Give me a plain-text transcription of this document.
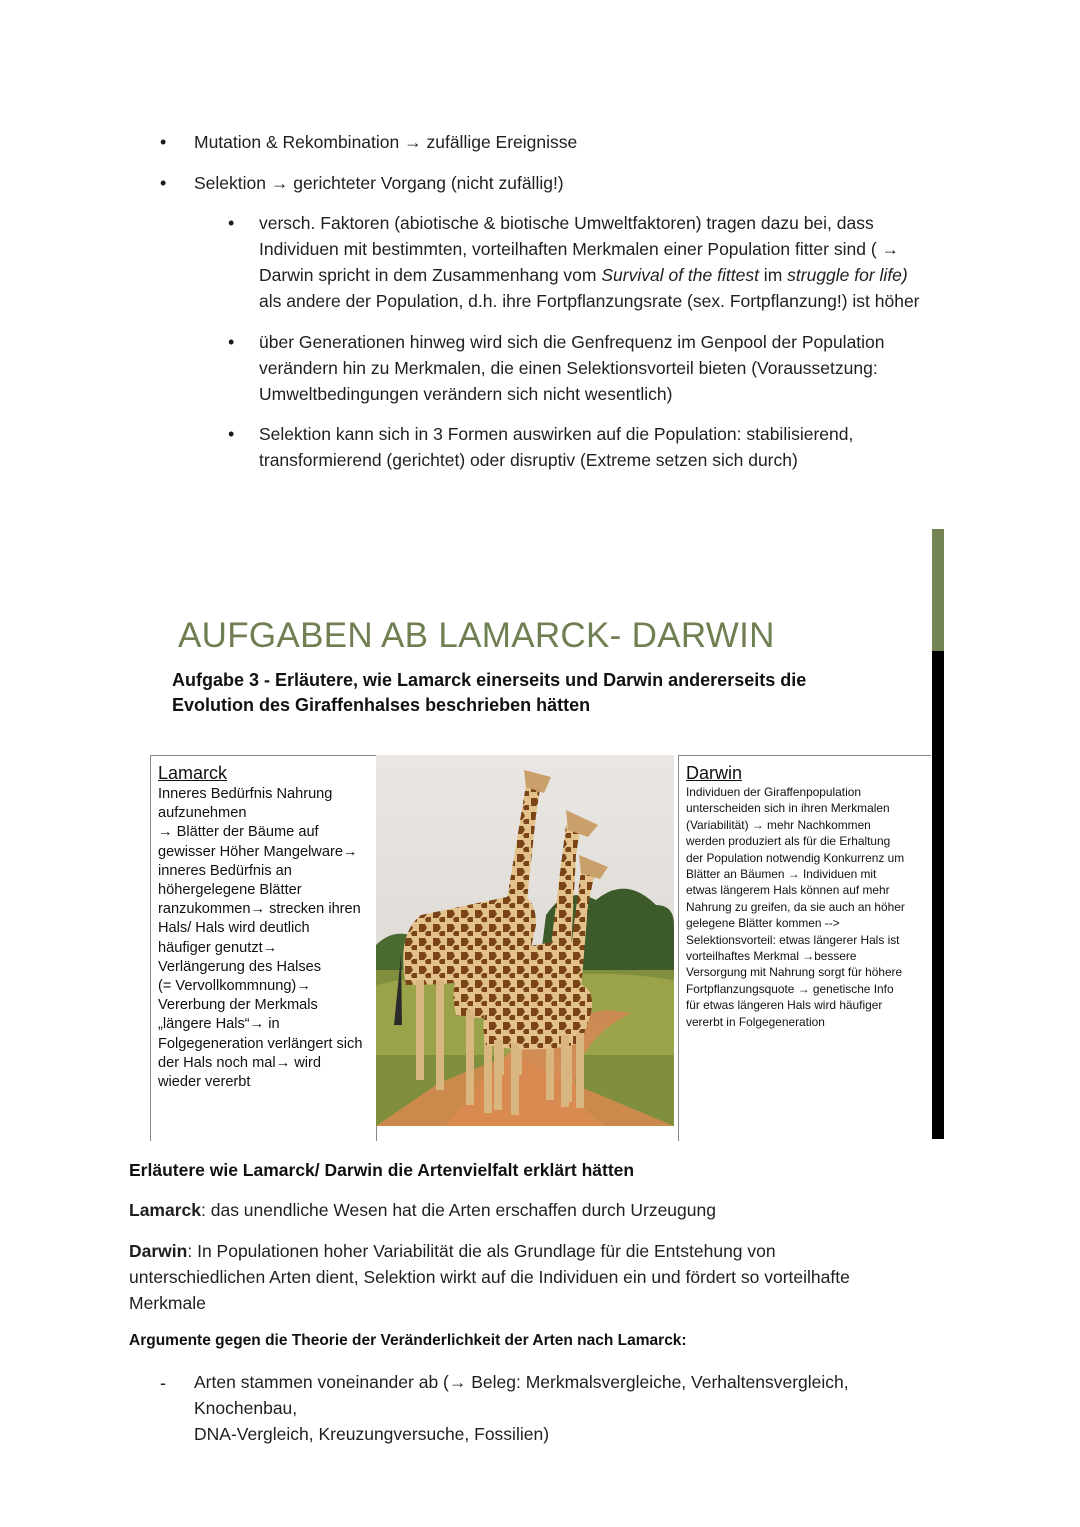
• Mutation & Rekombination → zufällige Ereignisse
• Selektion → gerichteter Vorgang (nicht zufällig!)
• versch. Faktoren (abiotische & biotische Umweltfaktoren) tragen dazu bei, dass
Individuen mit bestimmten, vorteilhaften Merkmalen einer Population fitter sind ( →
Darwin spricht in dem Zusammenhang vom Survival of the fittest im struggle for life)
als andere der Population, d.h. ihre Fortpflanzungsrate (sex. Fortpflanzung!) ist höher
• über Generationen hinweg wird sich die Genfrequenz im Genpool der Population
verändern hin zu Merkmalen, die einen Selektionsvorteil bieten (Voraussetzung:
Umweltbedingungen verändern sich nicht wesentlich)
• Selektion kann sich in 3 Formen auswirken auf die Population: stabilisierend,
transformierend (gerichtet) oder disruptiv (Extreme setzen sich durch)
AUFGABEN AB LAMARCK- DARWIN
Aufgabe 3 - Erläutere, wie Lamarck einerseits und Darwin andererseits die
Evolution des Giraffenhalses beschrieben hätten
Lamarck
Inneres Bedürfnis Nahrung
aufzunehmen
→ Blätter der Bäume auf
gewisser Höher Mangelware→
inneres Bedürfnis an
höhergelegene Blätter
ranzukommen→ strecken ihren
Hals/ Hals wird deutlich
häufiger genutzt→
Verlängerung des Halses
(= Vervollkommnung)→
Vererbung der Merkmals
„längere Hals“→ in
Folgegeneration verlängert sich
der Hals noch mal→ wird
wieder vererbt
Darwin
Individuen der Giraffenpopulation
unterscheiden sich in ihren Merkmalen
(Variabilität) → mehr Nachkommen
werden produziert als für die Erhaltung
der Population notwendig Konkurrenz um
Blätter an Bäumen → Individuen mit
etwas längerem Hals können auf mehr
Nahrung zu greifen, da sie auch an höher
gelegene Blätter kommen -->
Selektionsvorteil: etwas längerer Hals ist
vorteilhaftes Merkmal →bessere
Versorgung mit Nahrung sorgt für höhere
Fortpflanzungsquote → genetische Info
für etwas längeren Hals wird häufiger
vererbt in Folgegeneration
Erläutere wie Lamarck/ Darwin die Artenvielfalt erklärt hätten
Lamarck: das unendliche Wesen hat die Arten erschaffen durch Urzeugung
Darwin: In Populationen hoher Variabilität die als Grundlage für die Entstehung von
unterschiedlichen Arten dient, Selektion wirkt auf die Individuen ein und fördert so vorteilhafte
Merkmale
Argumente gegen die Theorie der Veränderlichkeit der Arten nach Lamarck:
- Arten stammen voneinander ab (→ Beleg: Merkmalsvergleiche, Verhaltensvergleich, Knochenbau,
DNA-Vergleich, Kreuzungversuche, Fossilien)
